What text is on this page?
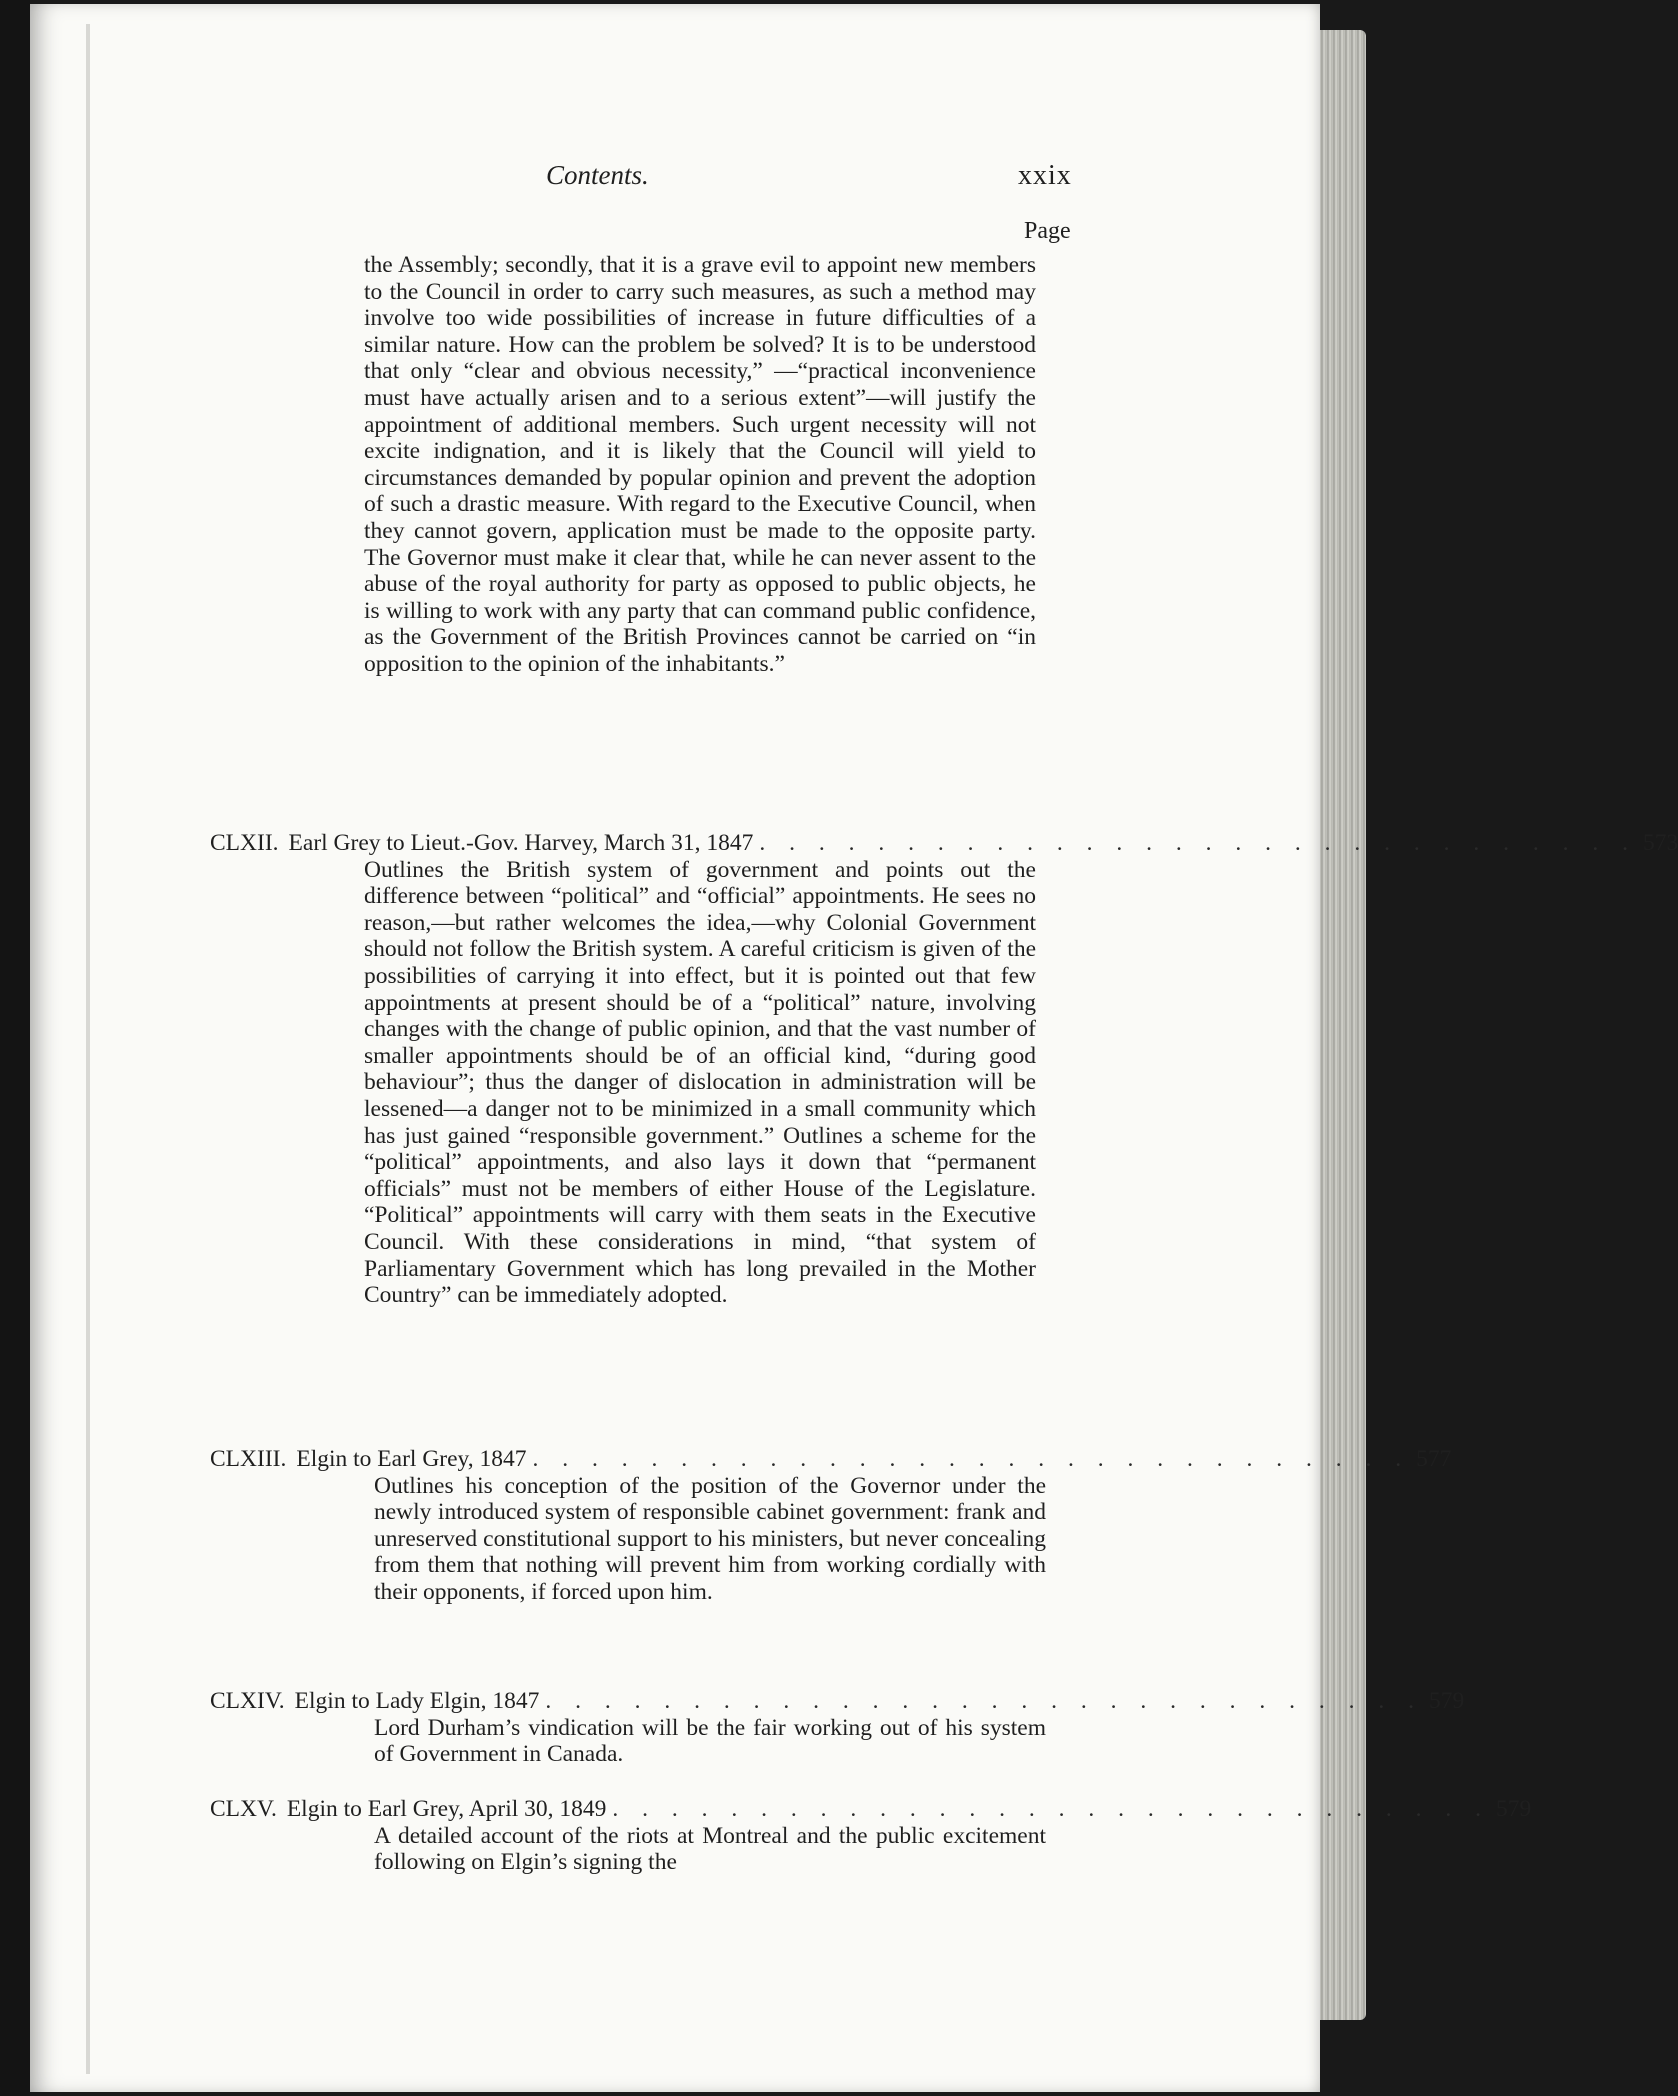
Contents.	xxix
Page
the Assembly; secondly, that it is a grave evil to appoint new members to the Council in order to carry such measures, as such a method may involve too wide possibilities of increase in future difficulties of a similar nature. How can the problem be solved? It is to be understood that only “clear and obvious necessity,” —“practical inconvenience must have actually arisen and to a serious extent”—will justify the appointment of additional members. Such urgent necessity will not excite indignation, and it is likely that the Council will yield to circumstances demanded by popular opinion and prevent the adoption of such a drastic measure. With regard to the Executive Council, when they cannot govern, application must be made to the opposite party. The Governor must make it clear that, while he can never assent to the abuse of the royal authority for party as opposed to public objects, he is willing to work with any party that can command public confidence, as the Government of the British Provinces cannot be carried on “in opposition to the opinion of the inhabitants.”
CLXII. Earl Grey to Lieut.-Gov. Harvey, March 31, 1847 . . . . . . . . . . . . . . . . . . . . . . . . . . . . . . 573
Outlines the British system of government and points out the difference between “political” and “official” appointments. He sees no reason,—but rather welcomes the idea,—why Colonial Government should not follow the British system. A careful criticism is given of the possibilities of carrying it into effect, but it is pointed out that few appointments at present should be of a “political” nature, involving changes with the change of public opinion, and that the vast number of smaller appointments should be of an official kind, “during good behaviour”; thus the danger of dislocation in administration will be lessened—a danger not to be minimized in a small community which has just gained “responsible government.” Outlines a scheme for the “political” appointments, and also lays it down that “permanent officials” must not be members of either House of the Legislature. “Political” appointments will carry with them seats in the Executive Council. With these considerations in mind, “that system of Parliamentary Government which has long prevailed in the Mother Country” can be immediately adopted.
CLXIII. Elgin to Earl Grey, 1847 . . . . . . . . . . . . . . . . . . . . . . . . . . . . . . 577
Outlines his conception of the position of the Governor under the newly introduced system of responsible cabinet government: frank and unreserved constitutional support to his ministers, but never concealing from them that nothing will prevent him from working cordially with their opponents, if forced upon him.
CLXIV. Elgin to Lady Elgin, 1847 . . . . . . . . . . . . . . . . . . . . . . . . . . . . . . 579
Lord Durham’s vindication will be the fair working out of his system of Government in Canada.
CLXV. Elgin to Earl Grey, April 30, 1849 . . . . . . . . . . . . . . . . . . . . . . . . . . . . . . 579
A detailed account of the riots at Montreal and the public excitement following on Elgin’s signing the
